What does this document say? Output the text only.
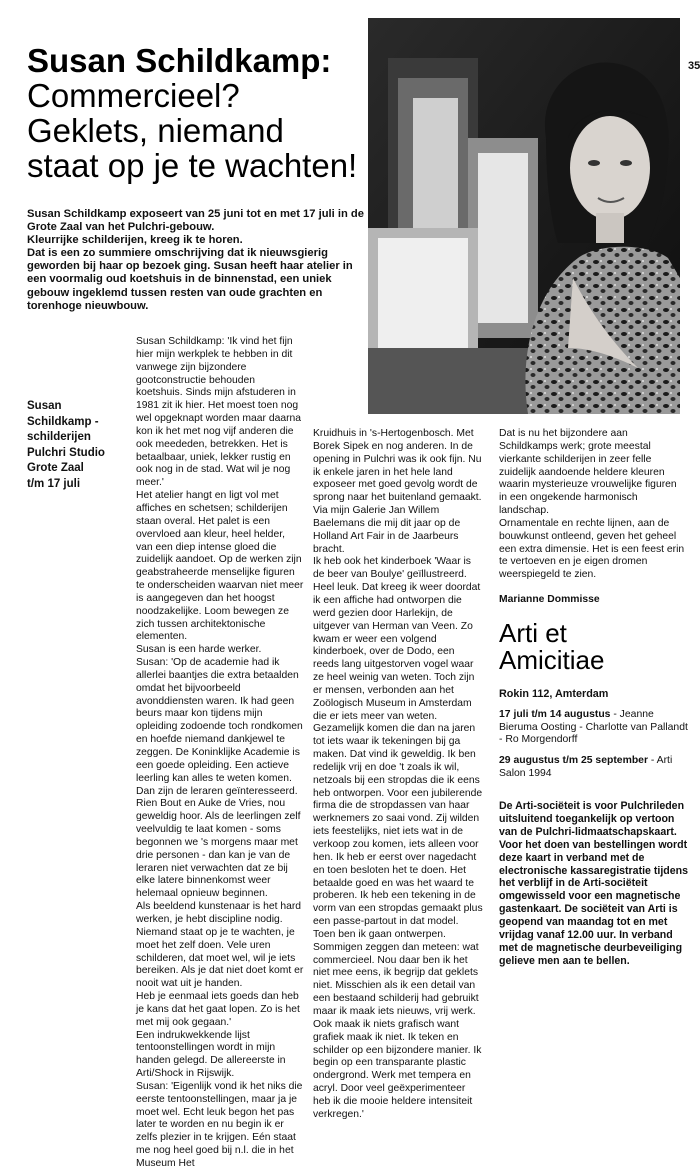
35
Susan Schildkamp:
Commercieel? Geklets, niemand staat op je te wachten!

Susan Schildkamp exposeert van 25 juni tot en met 17 juli in de Grote Zaal van het Pulchri-gebouw.

Kleurrijke schilderijen, kreeg ik te horen.

Dat is een zo summiere omschrijving dat ik nieuwsgierig geworden bij haar op bezoek ging. Susan heeft haar atelier in een voormalig oud koetshuis in de binnenstad, een uniek gebouw ingeklemd tussen resten van oude grachten en torenhoge nieuwbouw.

Susan
Schildkamp -
schilderijen
Pulchri Studio
Grote Zaal
t/m 17 juli

Susan Schildkamp: 'Ik vind het fijn hier mijn werkplek te hebben in dit vanwege zijn bijzondere gootconstructie behouden koetshuis. Sinds mijn afstuderen in 1981 zit ik hier. Het moest toen nog wel opgeknapt worden maar daarna kon ik het met nog vijf anderen die ook meededen, betrekken. Het is betaalbaar, uniek, lekker rustig en ook nog in de stad. Wat wil je nog meer.'

Het atelier hangt en ligt vol met affiches en schetsen; schilderijen staan overal. Het palet is een overvloed aan kleur, heel helder, van een diep intense gloed die zuidelijk aandoet. Op de werken zijn geabstraheerde menselijke figuren te onderscheiden waarvan niet meer is aangegeven dan het hoogst noodzakelijke. Loom bewegen ze zich tussen architektonische elementen.

Susan is een harde werker.

Susan: 'Op de academie had ik allerlei baantjes die extra betaalden omdat het bijvoorbeeld avonddiensten waren. Ik had geen beurs maar kon tijdens mijn opleiding zodoende toch rondkomen en hoefde niemand dankjewel te zeggen. De Koninklijke Academie is een goede opleiding. Een actieve leerling kan alles te weten komen. Dan zijn de leraren geïnteresseerd.

Rien Bout en Auke de Vries, nou geweldig hoor. Als de leerlingen zelf veelvuldig te laat komen - soms begonnen we 's morgens maar met drie personen - dan kan je van de leraren niet verwachten dat ze bij elke latere binnenkomst weer helemaal opnieuw beginnen.

Als beeldend kunstenaar is het hard werken, je hebt discipline nodig. Niemand staat op je te wachten, je moet het zelf doen. Vele uren schilderen, dat moet wel, wil je iets bereiken. Als je dat niet doet komt er nooit wat uit je handen.

Heb je eenmaal iets goeds dan heb je kans dat het gaat lopen. Zo is het met mij ook gegaan.'

Een indrukwekkende lijst tentoonstellingen wordt in mijn handen gelegd. De allereerste in Arti/Shock in Rijswijk.

Susan: 'Eigenlijk vond ik het niks die eerste tentoonstellingen, maar ja je moet wel. Echt leuk begon het pas later te worden en nu begin ik er zelfs plezier in te krijgen. Eén staat me nog heel goed bij n.l. die in het Museum Het

Kruidhuis in 's-Hertogenbosch. Met Borek Sipek en nog anderen. In de opening in Pulchri was ik ook fijn. Nu ik enkele jaren in het hele land exposeer met goed gevolg wordt de sprong naar het buitenland gemaakt. Via mijn Galerie Jan Willem Baelemans die mij dit jaar op de Holland Art Fair in de Jaarbeurs bracht.

Ik heb ook het kinderboek 'Waar is de beer van Boulye' geïllustreerd. Heel leuk. Dat kreeg ik weer doordat ik een affiche had ontworpen die werd gezien door Harlekijn, de uitgever van Herman van Veen. Zo kwam er weer een volgend kinderboek, over de Dodo, een reeds lang uitgestorven vogel waar ze heel weinig van weten. Toch zijn er mensen, verbonden aan het Zoölogisch Museum in Amsterdam die er iets meer van weten. Gezamelijk komen die dan na jaren tot iets waar ik tekeningen bij ga maken. Dat vind ik geweldig. Ik ben redelijk vrij en doe 't zoals ik wil, netzoals bij een stropdas die ik eens heb ontworpen. Voor een jubilerende firma die de stropdassen van haar werknemers zo saai vond. Zij wilden iets feestelijks, niet iets wat in de verkoop zou komen, iets alleen voor hen. Ik heb er eerst over nagedacht en toen besloten het te doen. Het betaalde goed en was het waard te proberen. Ik heb een tekening in de vorm van een stropdas gemaakt plus een passe-partout in dat model. Toen ben ik gaan ontwerpen. Sommigen zeggen dan meteen: wat commercieel. Nou daar ben ik het niet mee eens, ik begrijp dat geklets niet. Misschien als ik een detail van een bestaand schilderij had gebruikt maar ik maak iets nieuws, vrij werk. Ook maak ik niets grafisch want grafiek maak ik niet. Ik teken en schilder op een bijzondere manier. Ik begin op een transparante plastic ondergrond. Werk met tempera en acryl. Door veel geëxperimenteer heb ik die mooie heldere intensiteit verkregen.'

Dat is nu het bijzondere aan Schildkamps werk; grote meestal vierkante schilderijen in zeer felle zuidelijk aandoende heldere kleuren waarin mysterieuze vrouwelijke figuren in een ongekende harmonisch landschap.

Ornamentale en rechte lijnen, aan de bouwkunst ontleend, geven het geheel een extra dimensie. Het is een feest erin te vertoeven en je eigen dromen weerspiegeld te zien.

Marianne Dommisse

Arti et
Amicitiae

Rokin 112, Amterdam

17 juli t/m 14 augustus - Jeanne Bieruma Oosting - Charlotte van Pallandt - Ro Morgendorff

29 augustus t/m 25 september - Arti Salon 1994

De Arti-sociëteit is voor Pulchrileden uitsluitend toegankelijk op vertoon van de Pulchri-lidmaatschapskaart. Voor het doen van bestellingen wordt deze kaart in verband met de electronische kassaregistratie tijdens het verblijf in de Arti-sociëteit omgewisseld voor een magnetische gastenkaart. De sociëteit van Arti is geopend van maandag tot en met vrijdag vanaf 12.00 uur. In verband met de magnetische deurbeveiliging gelieve men aan te bellen.
